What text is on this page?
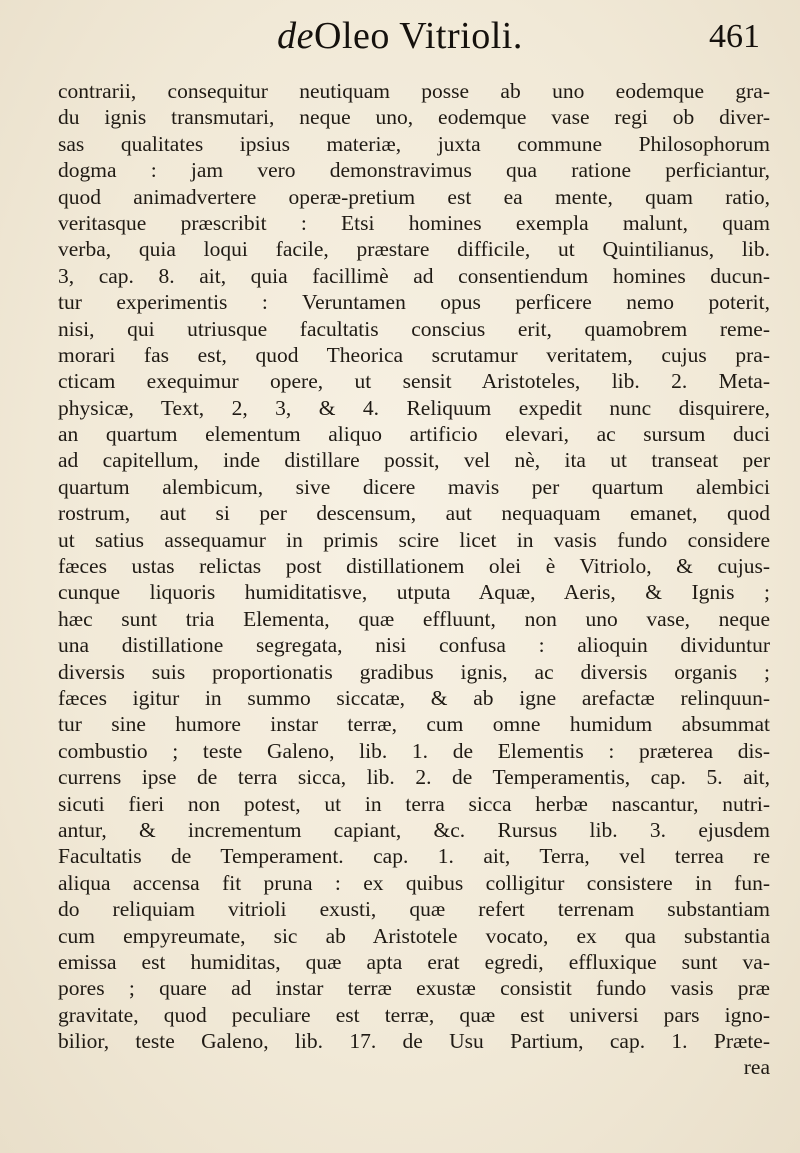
deOleo Vitrioli.	461
contrarii, consequitur neutiquam posse ab uno eodemque gra-
du ignis transmutari, neque uno, eodemque vase regi ob diver-
sas qualitates ipsius materiæ, juxta commune Philosophorum
dogma : jam vero demonstravimus qua ratione perficiantur,
quod animadvertere operæ-pretium est ea mente, quam ratio,
veritasque præscribit : Etsi homines exempla malunt, quam
verba, quia loqui facile, præstare difficile, ut Quintilianus, lib.
3, cap. 8. ait, quia facillimè ad consentiendum homines ducun-
tur experimentis : Veruntamen opus perficere nemo poterit,
nisi, qui utriusque facultatis conscius erit, quamobrem reme-
morari fas est, quod Theorica scrutamur veritatem, cujus pra-
cticam exequimur opere, ut sensit Aristoteles, lib. 2. Meta-
physicæ, Text, 2, 3, & 4. Reliquum expedit nunc disquirere,
an quartum elementum aliquo artificio elevari, ac sursum duci
ad capitellum, inde distillare possit, vel nè, ita ut transeat per
quartum alembicum, sive dicere mavis per quartum alembici
rostrum, aut si per descensum, aut nequaquam emanet, quod
ut satius assequamur in primis scire licet in vasis fundo considere
fæces ustas relictas post distillationem olei è Vitriolo, & cujus-
cunque liquoris humiditatisve, utputa Aquæ, Aeris, & Ignis ;
hæc sunt tria Elementa, quæ effluunt, non uno vase, neque
una distillatione segregata, nisi confusa : alioquin dividuntur
diversis suis proportionatis gradibus ignis, ac diversis organis ;
fæces igitur in summo siccatæ, & ab igne arefactæ relinquun-
tur sine humore instar terræ, cum omne humidum absummat
combustio ; teste Galeno, lib. 1. de Elementis : præterea dis-
currens ipse de terra sicca, lib. 2. de Temperamentis, cap. 5. ait,
sicuti fieri non potest, ut in terra sicca herbæ nascantur, nutri-
antur, & incrementum capiant, &c. Rursus lib. 3. ejusdem
Facultatis de Temperament. cap. 1. ait, Terra, vel terrea re
aliqua accensa fit pruna : ex quibus colligitur consistere in fun-
do reliquiam vitrioli exusti, quæ refert terrenam substantiam
cum empyreumate, sic ab Aristotele vocato, ex qua substantia
emissa est humiditas, quæ apta erat egredi, effluxique sunt va-
pores ; quare ad instar terræ exustæ consistit fundo vasis præ
gravitate, quod peculiare est terræ, quæ est universi pars igno-
bilior, teste Galeno, lib. 17. de Usu Partium, cap. 1. Præte-
rea
